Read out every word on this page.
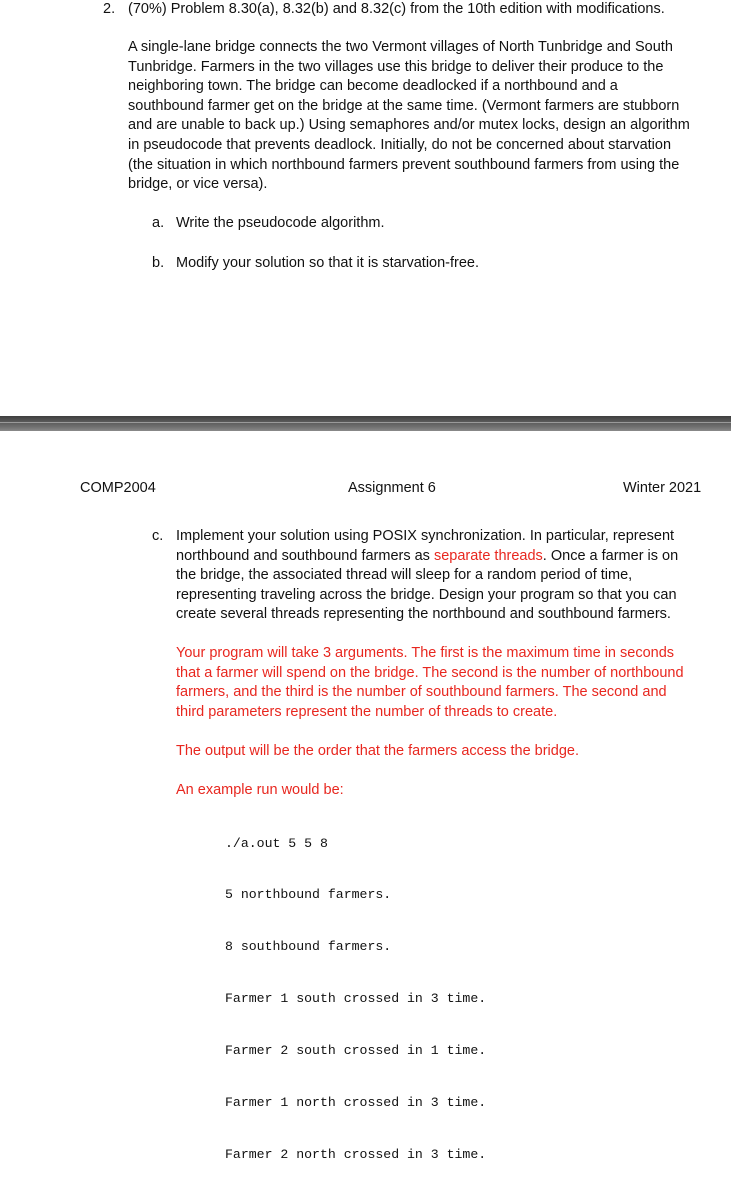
2. (70%) Problem 8.30(a), 8.32(b) and 8.32(c) from the 10th edition with modifications.
A single-lane bridge connects the two Vermont villages of North Tunbridge and South
Tunbridge. Farmers in the two villages use this bridge to deliver their produce to the
neighboring town. The bridge can become deadlocked if a northbound and a
southbound farmer get on the bridge at the same time. (Vermont farmers are stubborn
and are unable to back up.) Using semaphores and/or mutex locks, design an algorithm
in pseudocode that prevents deadlock. Initially, do not be concerned about starvation
(the situation in which northbound farmers prevent southbound farmers from using the
bridge, or vice versa).
a. Write the pseudocode algorithm.
b. Modify your solution so that it is starvation-free.
COMP2004	Assignment 6	Winter 2021
c. Implement your solution using POSIX synchronization. In particular, represent
northbound and southbound farmers as separate threads. Once a farmer is on
the bridge, the associated thread will sleep for a random period of time,
representing traveling across the bridge. Design your program so that you can
create several threads representing the northbound and southbound farmers.
Your program will take 3 arguments. The first is the maximum time in seconds
that a farmer will spend on the bridge. The second is the number of northbound
farmers, and the third is the number of southbound farmers. The second and
third parameters represent the number of threads to create.
The output will be the order that the farmers access the bridge.
An example run would be:

./a.out 5 5 8

5 northbound farmers.

8 southbound farmers.

Farmer 1 south crossed in 3 time.

Farmer 2 south crossed in 1 time.

Farmer 1 north crossed in 3 time.

Farmer 2 north crossed in 3 time.
